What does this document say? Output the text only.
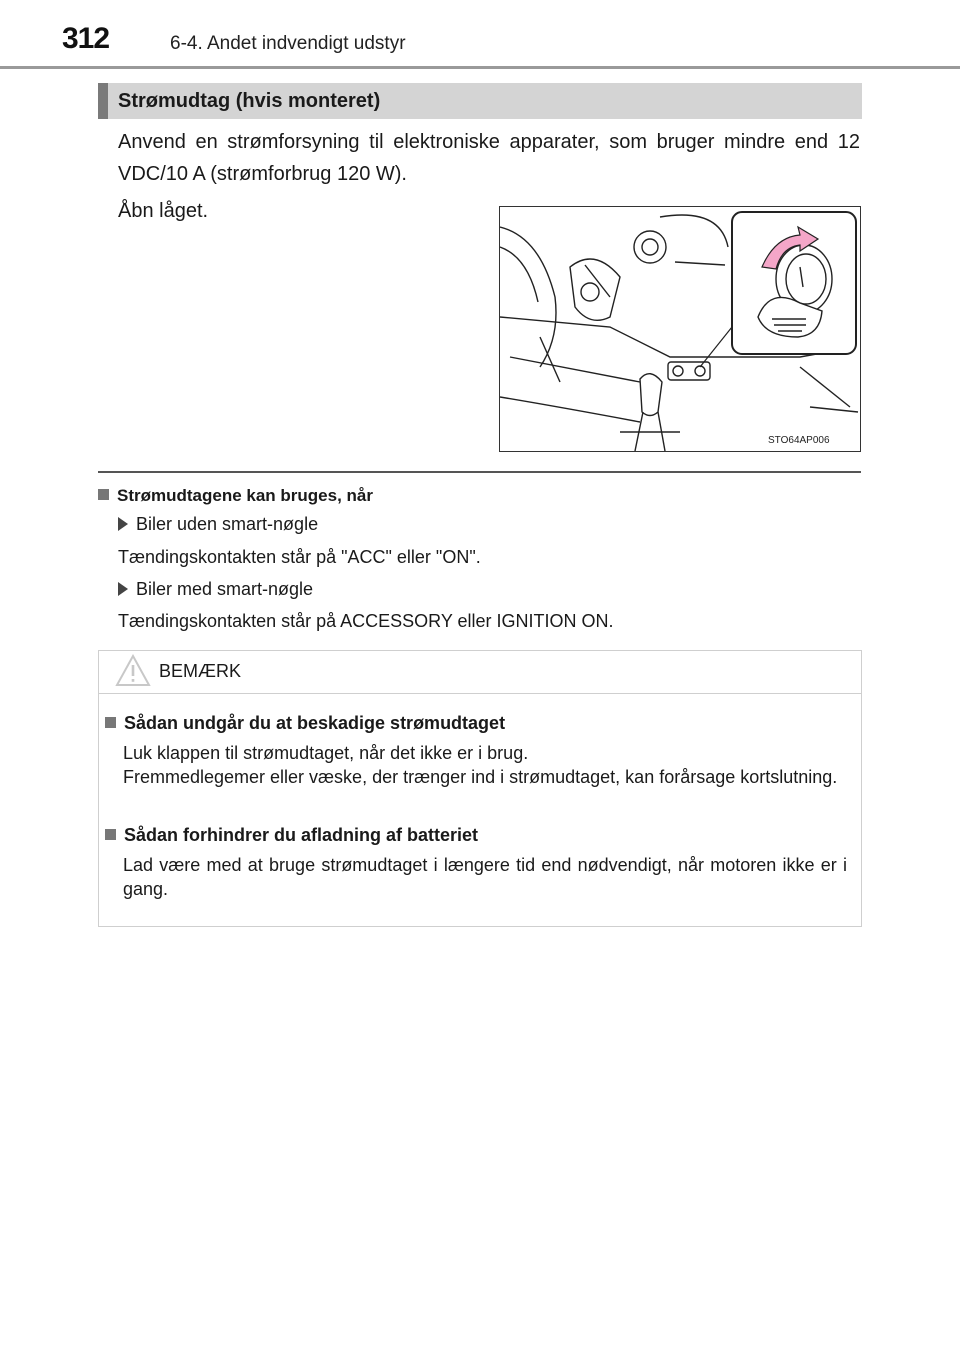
312	6-4. Andet indvendigt udstyr
Strømudtag (hvis monteret)

Anvend en strømforsyning til elektroniske apparater, som bruger mindre end 12 VDC/10 A (strømforbrug 120 W).

Åbn låget.

STO64AP006
Strømudtagene kan bruges, når
Biler uden smart-nøgle
Tændingskontakten står på "ACC" eller "ON".
Biler med smart-nøgle
Tændingskontakten står på ACCESSORY eller IGNITION ON.
BEMÆRK
Sådan undgår du at beskadige strømudtaget

Luk klappen til strømudtaget, når det ikke er i brug.

Fremmedlegemer eller væske, der trænger ind i strømudtaget, kan forårsage kortslutning.

Sådan forhindrer du afladning af batteriet

Lad være med at bruge strømudtaget i længere tid end nødvendigt, når motoren ikke er i gang.
